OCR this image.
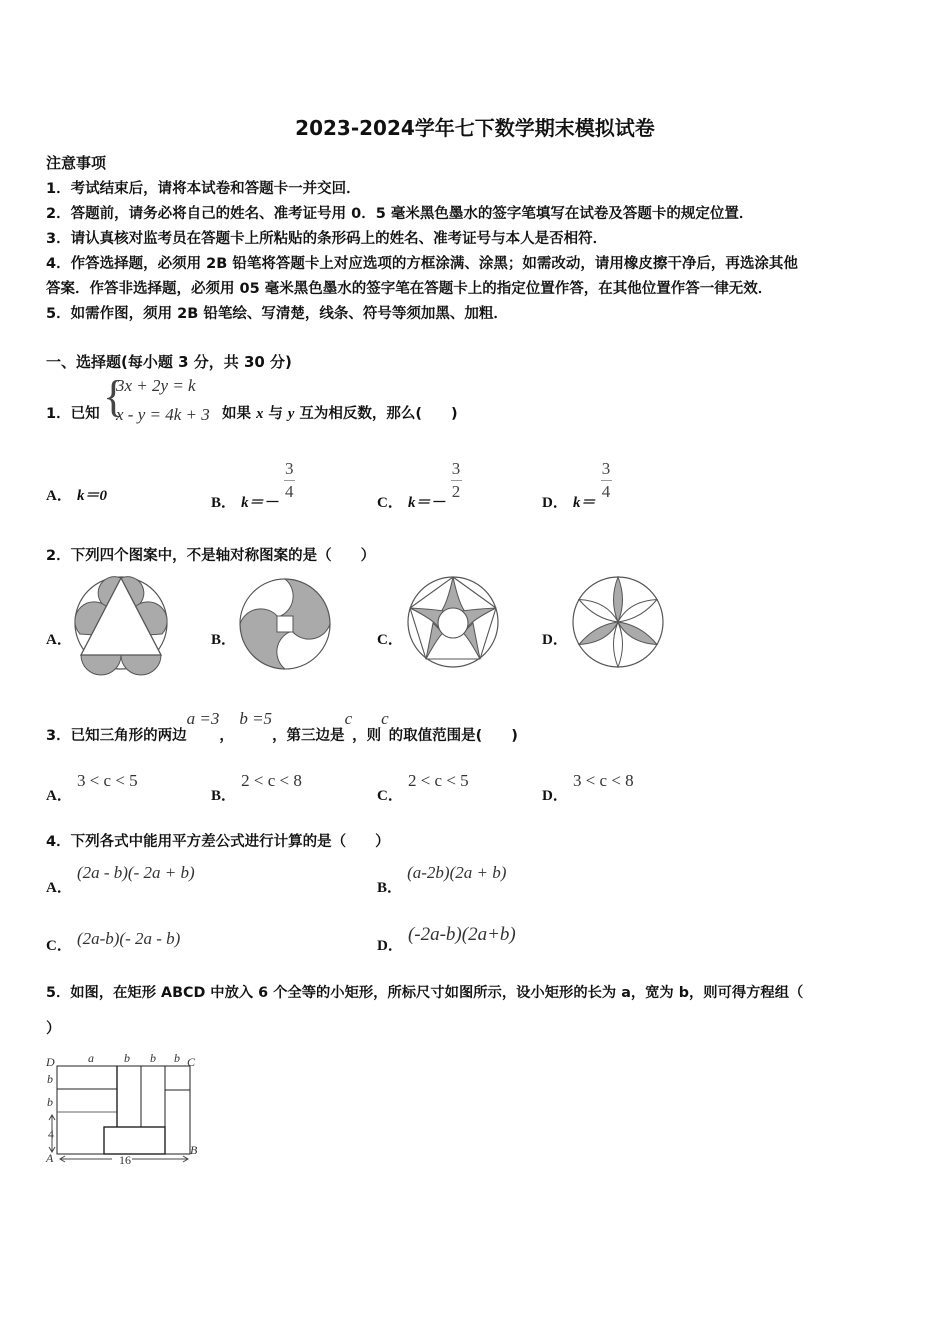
2023-2024学年七下数学期末模拟试卷
注意事项
1．考试结束后，请将本试卷和答题卡一并交回．
2．答题前，请务必将自己的姓名、准考证号用 0．5 毫米黑色墨水的签字笔填写在试卷及答题卡的规定位置．
3．请认真核对监考员在答题卡上所粘贴的条形码上的姓名、准考证号与本人是否相符．
4．作答选择题，必须用 2B 铅笔将答题卡上对应选项的方框涂满、涂黑；如需改动，请用橡皮擦干净后，再选涂其他
答案．作答非选择题，必须用 05 毫米黑色墨水的签字笔在答题卡上的指定位置作答，在其他位置作答一律无效．
5．如需作图，须用 2B 铅笔绘、写清楚，线条、符号等须加黑、加粗．
一、选择题(每小题 3 分，共 30 分)
1．已知 {
3x + 2y = k
x - y = 4k + 3 如果 x 与 y 互为相反数，那么(　　)
A． k＝0	B． k＝－
$\frac{3}{4}$
C． k＝－
$\frac{3}{2}$
D． k＝
$\frac{3}{4}$
2．下列四个图案中，不是轴对称图案的是（　　）
A．	B．	C．	D．
3．已知三角形的两边a =3，b =5，第三边是c，则c的取值范围是(　　)
A． 3 < c < 5
B． 2 < c < 8
C． 2 < c < 5
D． 3 < c < 8
4．下列各式中能用平方差公式进行计算的是（　　）
A． (2a - b)(- 2a + b)
B． (a-2b)(2a + b)
C． (2a-b)(- 2a - b)	D． (-2a-b)(2a+b)
5．如图，在矩形 ABCD 中放入 6 个全等的小矩形，所标尺寸如图所示，设小矩形的长为 a，宽为 b，则可得方程组（
）
D	C
A
B
a	b b b
b
b
4
16
